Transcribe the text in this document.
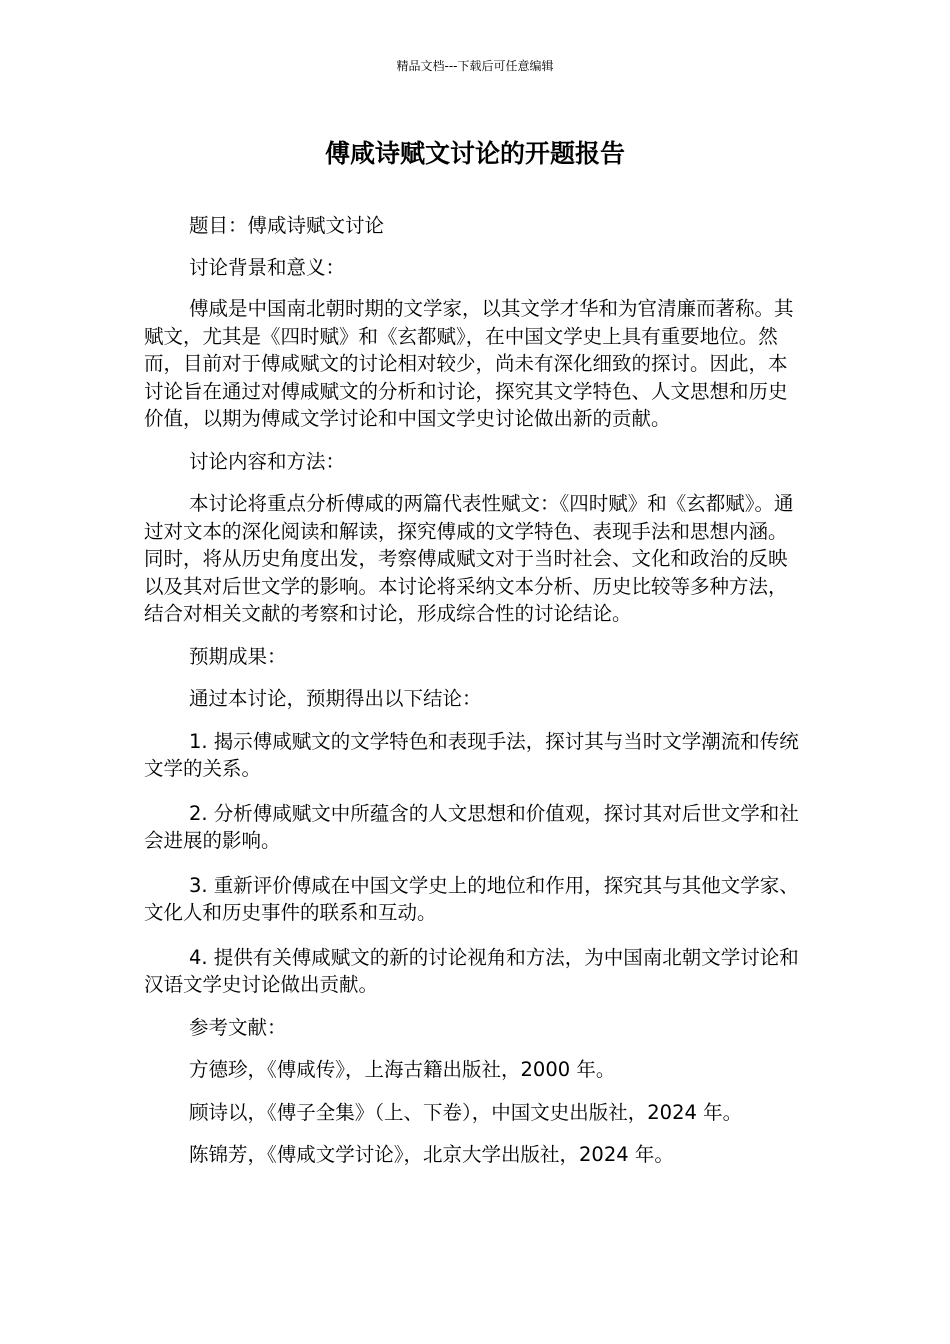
精品文档---下载后可任意编辑
傅咸诗赋文讨论的开题报告

题目：傅咸诗赋文讨论

讨论背景和意义：

傅咸是中国南北朝时期的文学家，以其文学才华和为官清廉而著称。其赋文，尤其是《四时赋》和《玄都赋》，在中国文学史上具有重要地位。然而，目前对于傅咸赋文的讨论相对较少，尚未有深化细致的探讨。因此，本讨论旨在通过对傅咸赋文的分析和讨论，探究其文学特色、人文思想和历史价值，以期为傅咸文学讨论和中国文学史讨论做出新的贡献。

讨论内容和方法：

本讨论将重点分析傅咸的两篇代表性赋文：《四时赋》和《玄都赋》。通过对文本的深化阅读和解读，探究傅咸的文学特色、表现手法和思想内涵。同时，将从历史角度出发，考察傅咸赋文对于当时社会、文化和政治的反映以及其对后世文学的影响。本讨论将采纳文本分析、历史比较等多种方法，结合对相关文献的考察和讨论，形成综合性的讨论结论。

预期成果：

通过本讨论，预期得出以下结论：

1. 揭示傅咸赋文的文学特色和表现手法，探讨其与当时文学潮流和传统文学的关系。

2. 分析傅咸赋文中所蕴含的人文思想和价值观，探讨其对后世文学和社会进展的影响。

3. 重新评价傅咸在中国文学史上的地位和作用，探究其与其他文学家、文化人和历史事件的联系和互动。

4. 提供有关傅咸赋文的新的讨论视角和方法，为中国南北朝文学讨论和汉语文学史讨论做出贡献。

参考文献：

方德珍，《傅咸传》，上海古籍出版社，2000 年。

顾诗以，《傅子全集》（上、下卷），中国文史出版社，2024 年。

陈锦芳，《傅咸文学讨论》，北京大学出版社，2024 年。
